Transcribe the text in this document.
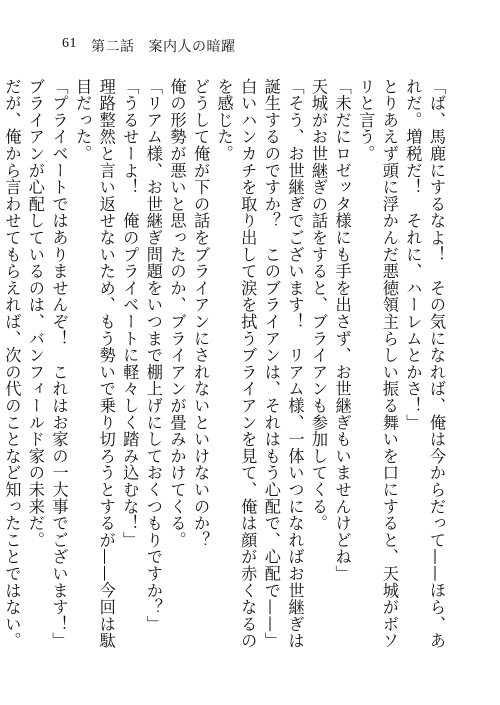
61 第二話 案内人の暗躍

「ば、馬鹿にするなよ！　その気になれば、俺は今からだって——ほら、あれだ。増税だ！　それに、ハーレムとかさ！」

とりあえず頭に浮かんだ悪徳領主らしい振る舞いを口にすると、天城がボソリと言う。

「未だにロゼッタ様にも手を出さず、お世継ぎもいませんけどね」

天城がお世継ぎの話をすると、ブライアンも参加してくる。

「そう、お世継ぎでございます！　リアム様、一体いつになればお世継ぎは誕生するのですか？　このブライアンは、それはもう心配で、心配で——」

白いハンカチを取り出して涙を拭うブライアンを見て、俺は顔が赤くなるのを感じた。

どうして俺が下の話をブライアンにされないといけないのか？

俺の形勢が悪いと思ったのか、ブライアンが畳みかけてくる。

「リアム様、お世継ぎ問題をいつまで棚上げにしておくつもりですか？」

「うるせーよ！　俺のプライベートに軽々しく踏み込むな！」

理路整然と言い返せないため、もう勢いで乗り切ろうとするが——今回は駄目だった。

「プライベートではありませんぞ！　これはお家の一大事でございます！」

ブライアンが心配しているのは、バンフィールド家の未来だ。

だが、俺から言わせてもらえれば、次の代のことなど知ったことではない。
